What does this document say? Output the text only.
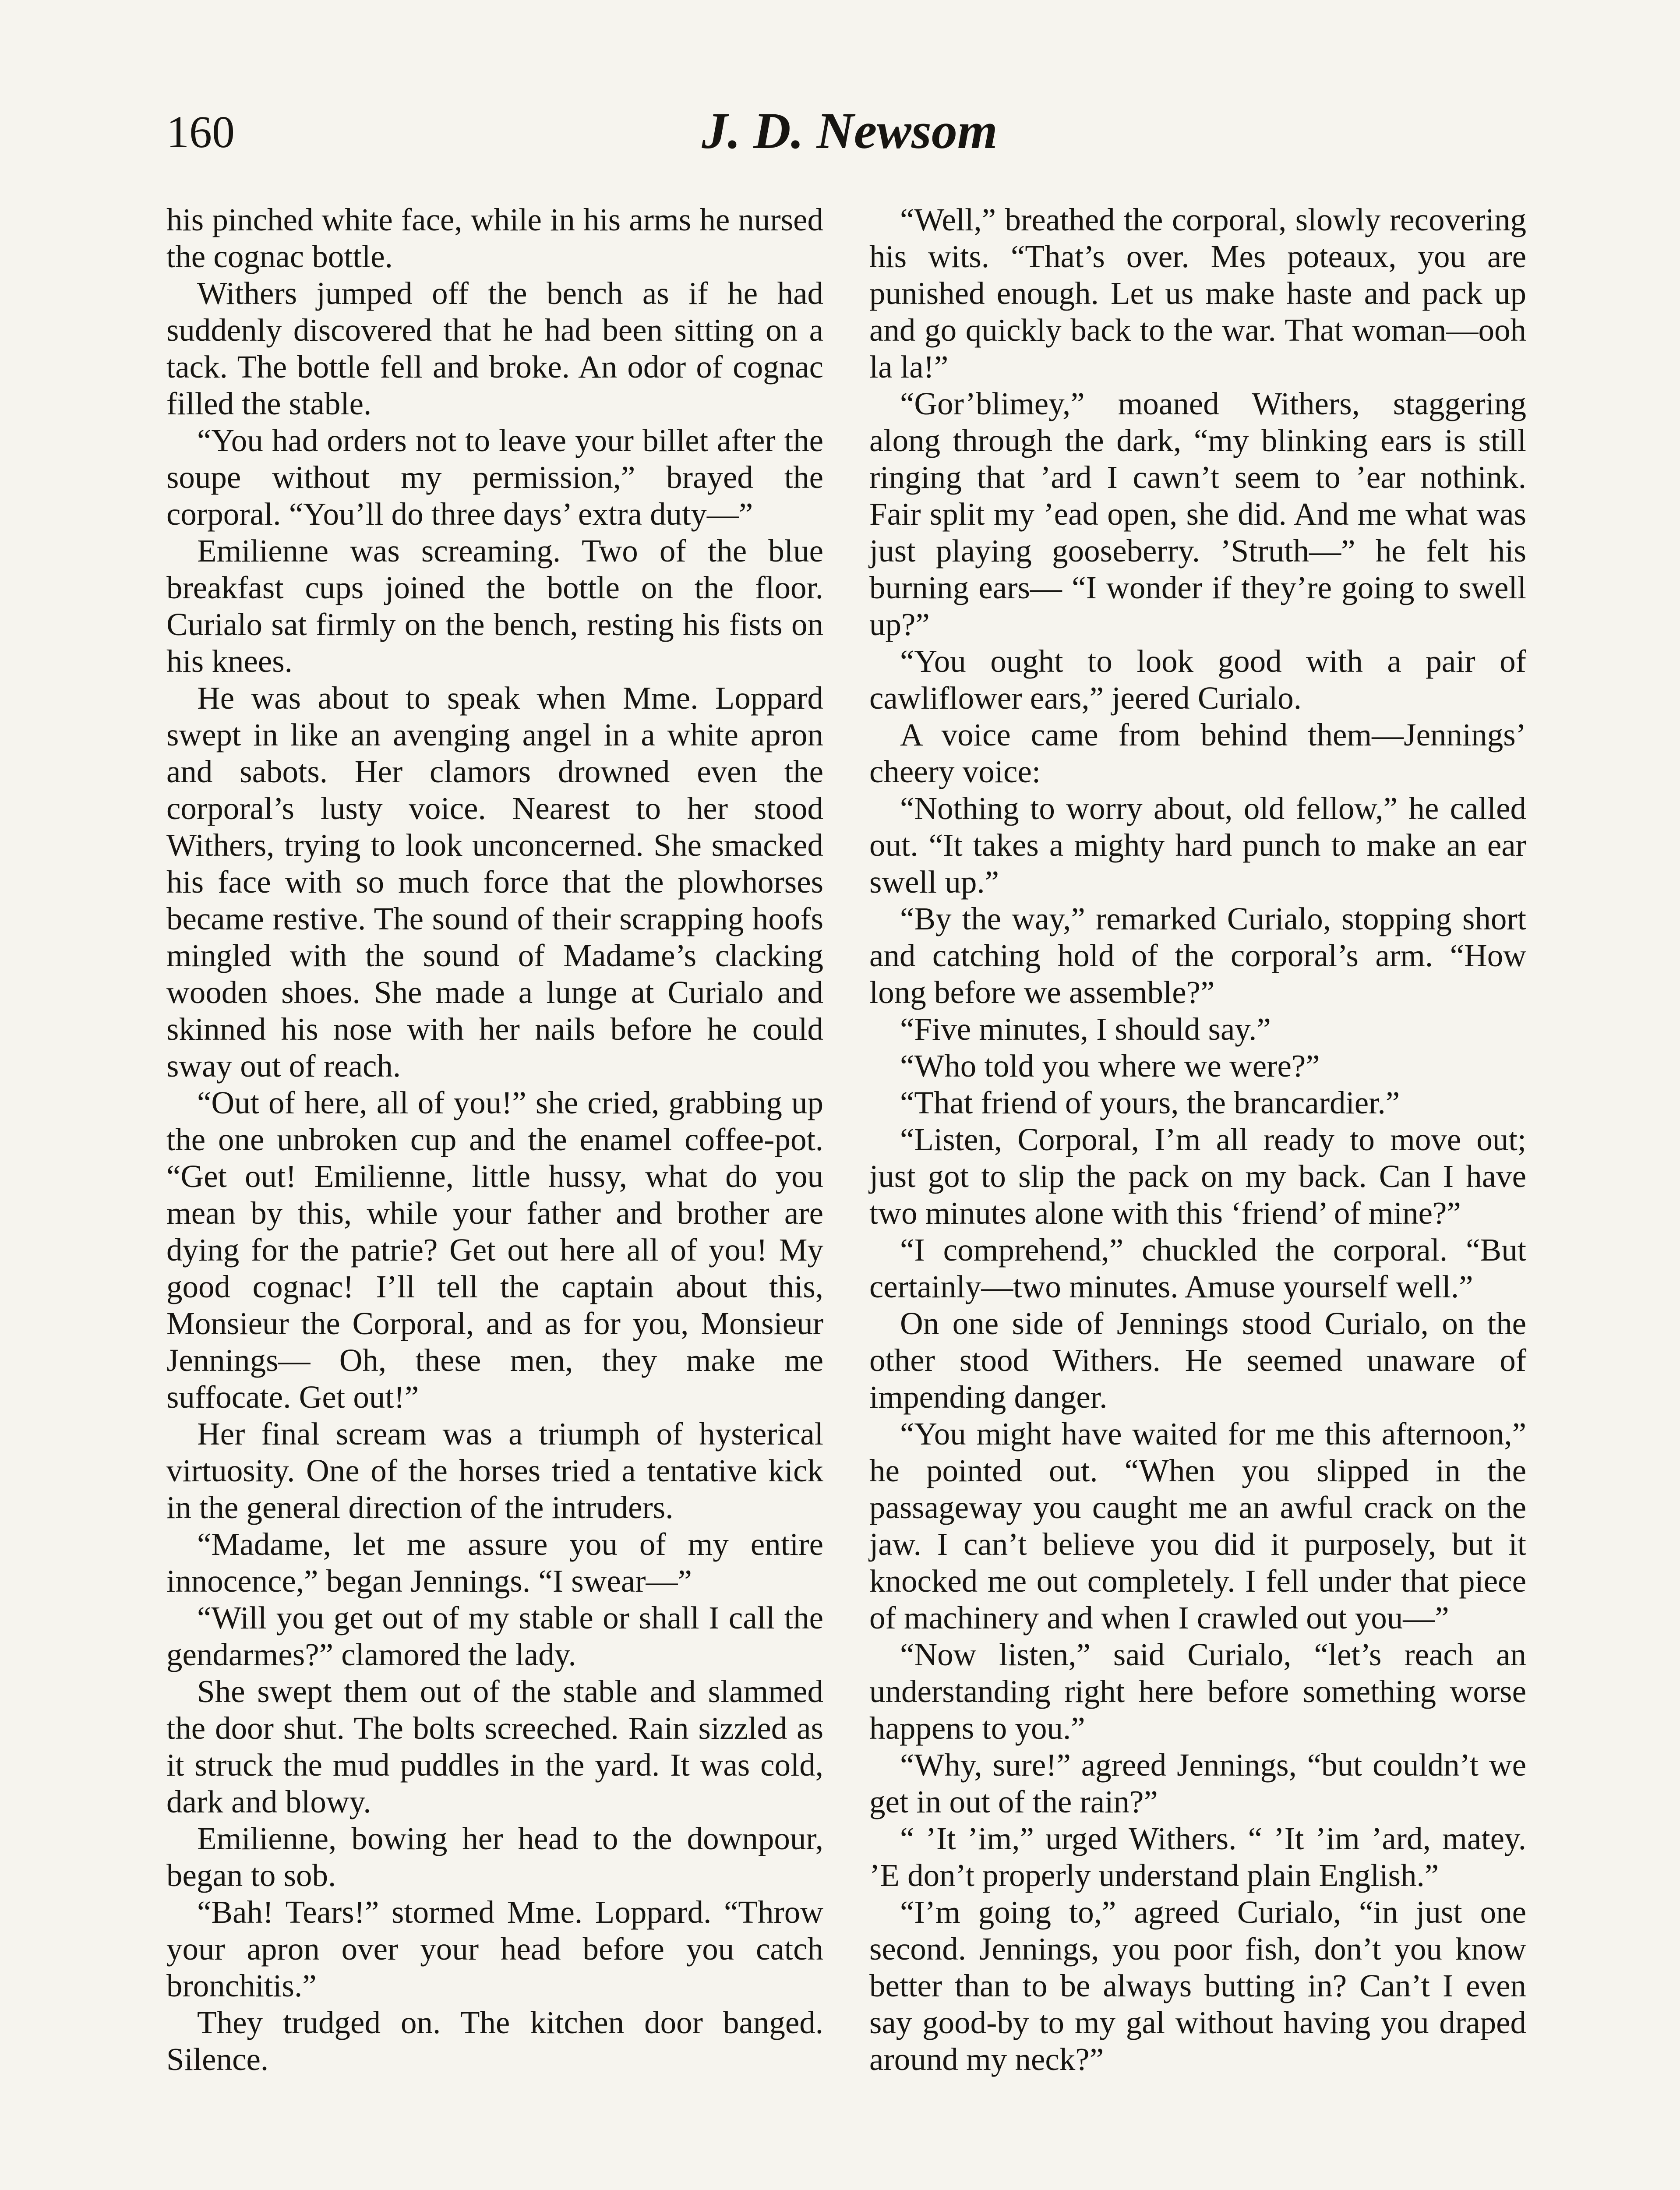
160	J. D. Newsom

his pinched white face, while in his arms he nursed the cognac bottle.

Withers jumped off the bench as if he had suddenly discovered that he had been sitting on a tack. The bottle fell and broke. An odor of cognac filled the stable.

“You had orders not to leave your billet after the soupe without my permission,” brayed the corporal. “You’ll do three days’ extra duty—”

Emilienne was screaming. Two of the blue breakfast cups joined the bottle on the floor. Curialo sat firmly on the bench, resting his fists on his knees.

He was about to speak when Mme. Loppard swept in like an avenging angel in a white apron and sabots. Her clamors drowned even the corporal’s lusty voice. Nearest to her stood Withers, trying to look unconcerned. She smacked his face with so much force that the plowhorses became restive. The sound of their scrapping hoofs mingled with the sound of Madame’s clacking wooden shoes. She made a lunge at Curialo and skinned his nose with her nails before he could sway out of reach.

“Out of here, all of you!” she cried, grabbing up the one unbroken cup and the enamel coffee-pot. “Get out! Emilienne, little hussy, what do you mean by this, while your father and brother are dying for the patrie? Get out here all of you! My good cognac! I’ll tell the captain about this, Monsieur the Corporal, and as for you, Monsieur Jennings— Oh, these men, they make me suffocate. Get out!”

Her final scream was a triumph of hysterical virtuosity. One of the horses tried a tentative kick in the general direction of the intruders.

“Madame, let me assure you of my entire innocence,” began Jennings. “I swear—”

“Will you get out of my stable or shall I call the gendarmes?” clamored the lady.

She swept them out of the stable and slammed the door shut. The bolts screeched. Rain sizzled as it struck the mud puddles in the yard. It was cold, dark and blowy.

Emilienne, bowing her head to the downpour, began to sob.

“Bah! Tears!” stormed Mme. Loppard. “Throw your apron over your head before you catch bronchitis.”

They trudged on. The kitchen door banged. Silence.

“Well,” breathed the corporal, slowly recovering his wits. “That’s over. Mes poteaux, you are punished enough. Let us make haste and pack up and go quickly back to the war. That woman—ooh la la!”

“Gor’blimey,” moaned Withers, staggering along through the dark, “my blinking ears is still ringing that ’ard I cawn’t seem to ’ear nothink. Fair split my ’ead open, she did. And me what was just playing gooseberry. ’Struth—” he felt his burning ears— “I wonder if they’re going to swell up?”

“You ought to look good with a pair of cawliflower ears,” jeered Curialo.

A voice came from behind them—Jennings’ cheery voice:

“Nothing to worry about, old fellow,” he called out. “It takes a mighty hard punch to make an ear swell up.”

“By the way,” remarked Curialo, stopping short and catching hold of the corporal’s arm. “How long before we assemble?”

“Five minutes, I should say.”

“Who told you where we were?”

“That friend of yours, the brancardier.”

“Listen, Corporal, I’m all ready to move out; just got to slip the pack on my back. Can I have two minutes alone with this ‘friend’ of mine?”

“I comprehend,” chuckled the corporal. “But certainly—two minutes. Amuse yourself well.”

On one side of Jennings stood Curialo, on the other stood Withers. He seemed unaware of impending danger.

“You might have waited for me this afternoon,” he pointed out. “When you slipped in the passageway you caught me an awful crack on the jaw. I can’t believe you did it purposely, but it knocked me out completely. I fell under that piece of machinery and when I crawled out you—”

“Now listen,” said Curialo, “let’s reach an understanding right here before something worse happens to you.”

“Why, sure!” agreed Jennings, “but couldn’t we get in out of the rain?”

“ ’It ’im,” urged Withers. “ ’It ’im ’ard, matey. ’E don’t properly understand plain English.”

“I’m going to,” agreed Curialo, “in just one second. Jennings, you poor fish, don’t you know better than to be always butting in? Can’t I even say good-by to my gal without having you draped around my neck?”
